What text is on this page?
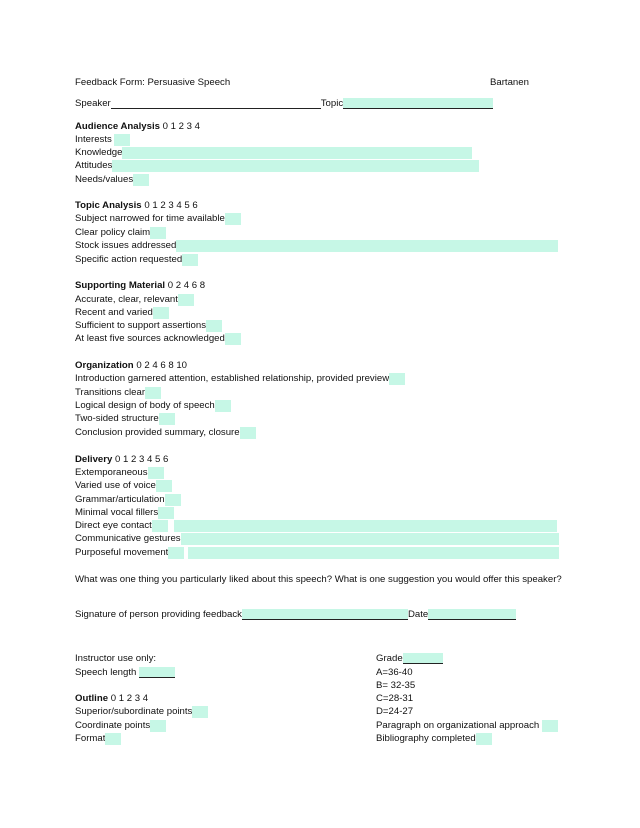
Feedback Form: Persuasive Speech	Bartanen
Speaker	Topic
Audience Analysis 0 1 2 3 4
Interests
Knowledge
Attitudes
Needs/values
Topic Analysis 0 1 2 3 4 5 6
Subject narrowed for time available
Clear policy claim
Stock issues addressed
Specific action requested
Supporting Material 0 2 4 6 8
Accurate, clear, relevant
Recent and varied
Sufficient to support assertions
At least five sources acknowledged
Organization 0 2 4 6 8 10
Introduction garnered attention, established relationship, provided preview
Transitions clear
Logical design of body of speech
Two-sided structure
Conclusion provided summary, closure
Delivery 0 1 2 3 4 5 6
Extemporaneous
Varied use of voice
Grammar/articulation
Minimal vocal fillers
Direct eye contact
Communicative gestures
Purposeful movement
What was one thing you particularly liked about this speech? What is one suggestion you would offer this speaker?
Signature of person providing feedback	Date
Instructor use only:
Speech length
Outline 0 1 2 3 4
Superior/subordinate points
Coordinate points
Format
Grade
A=36-40
B= 32-35
C=28-31
D=24-27
Paragraph on organizational approach
Bibliography completed
